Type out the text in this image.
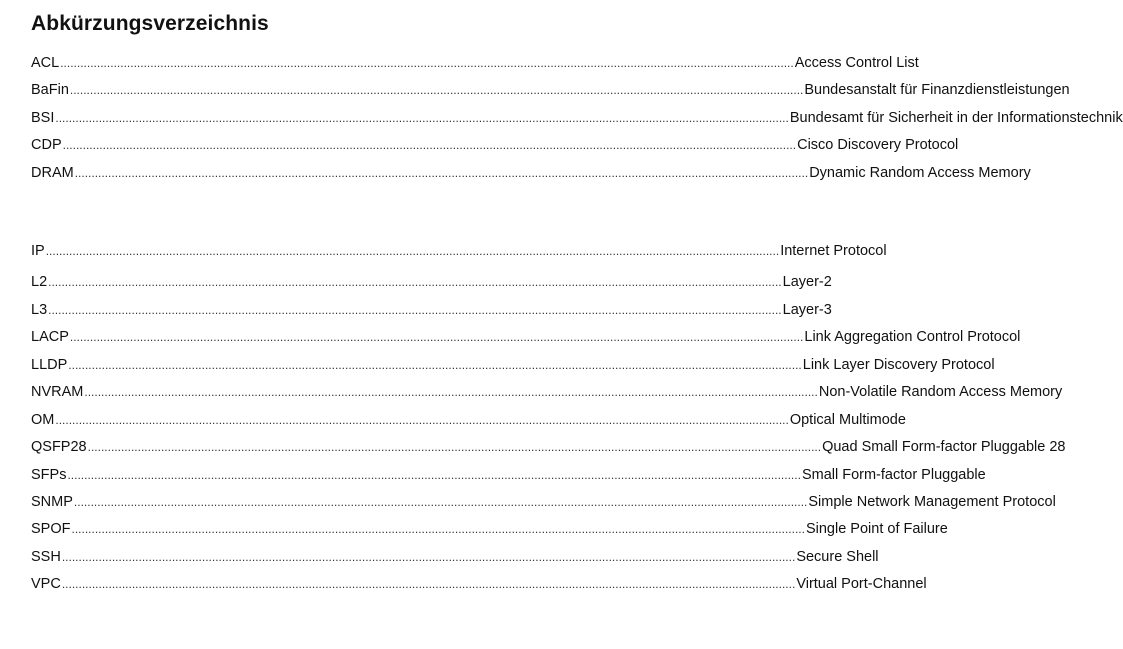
Abkürzungsverzeichnis
ACL ............................................................................................................................................................................................................................ Access Control List
BaFin ............................................................................................................................................................................................................................ Bundesanstalt für Finanzdienstleistungen
BSI ............................................................................................................................................................................................................................ Bundesamt für Sicherheit in der Informationstechnik
CDP ............................................................................................................................................................................................................................ Cisco Discovery Protocol
DRAM ............................................................................................................................................................................................................................ Dynamic Random Access Memory
IP ............................................................................................................................................................................................................................ Internet Protocol
L2 ............................................................................................................................................................................................................................ Layer-2
L3 ............................................................................................................................................................................................................................ Layer-3
LACP ............................................................................................................................................................................................................................ Link Aggregation Control Protocol
LLDP ............................................................................................................................................................................................................................ Link Layer Discovery Protocol
NVRAM ............................................................................................................................................................................................................................ Non-Volatile Random Access Memory
OM ............................................................................................................................................................................................................................ Optical Multimode
QSFP28 ............................................................................................................................................................................................................................ Quad Small Form-factor Pluggable 28
SFPs ............................................................................................................................................................................................................................ Small Form-factor Pluggable
SNMP ............................................................................................................................................................................................................................ Simple Network Management Protocol
SPOF ............................................................................................................................................................................................................................ Single Point of Failure
SSH ............................................................................................................................................................................................................................ Secure Shell
VPC ............................................................................................................................................................................................................................ Virtual Port-Channel
